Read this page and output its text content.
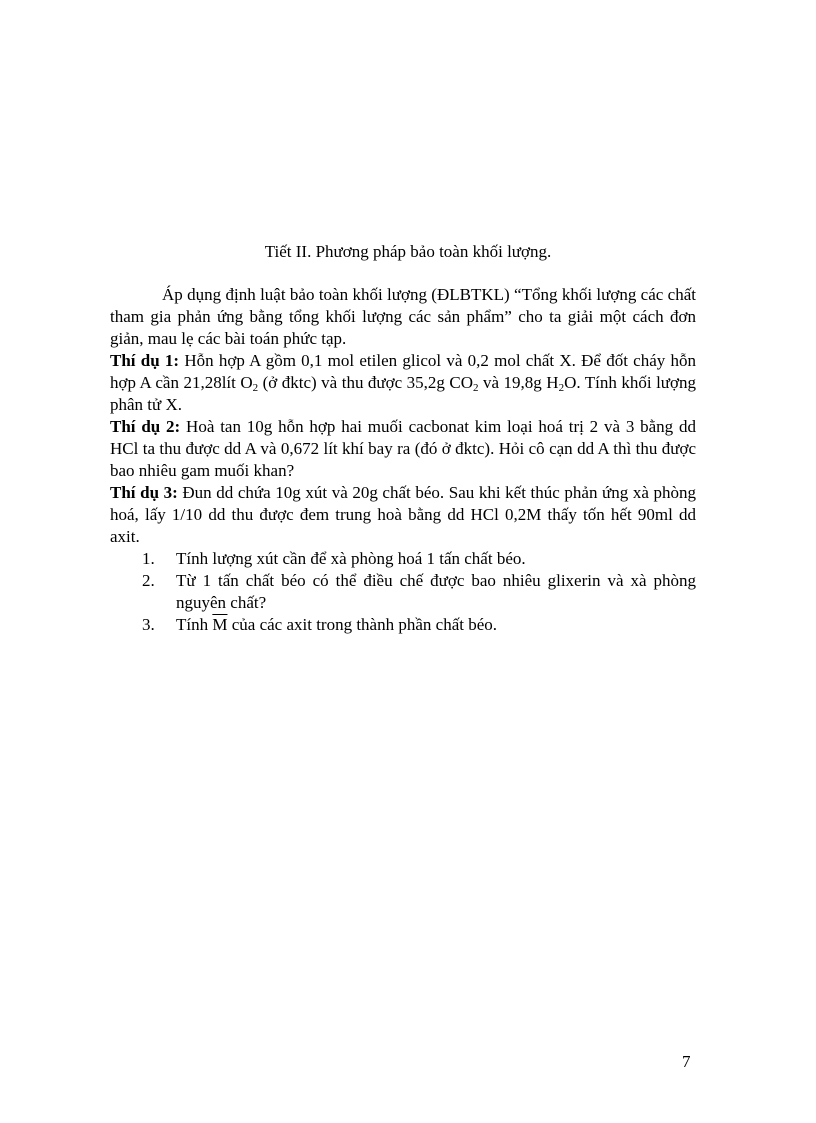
Tiết II. Phương pháp bảo toàn khối lượng.

Áp dụng định luật bảo toàn khối lượng (ĐLBTKL) “Tổng khối lượng các chất tham gia phản ứng bằng tổng khối lượng các sản phẩm” cho ta giải một cách đơn giản, mau lẹ các bài toán phức tạp.

Thí dụ 1: Hỗn hợp A gồm 0,1 mol etilen glicol và 0,2 mol chất X. Để đốt cháy hỗn hợp A cần 21,28lít $O_2$ (ở đktc) và thu được 35,2g $CO_2$ và 19,8g $H_2O$. Tính khối lượng phân tử X.

Thí dụ 2: Hoà tan 10g hỗn hợp hai muối cacbonat kim loại hoá trị 2 và 3 bằng dd HCl ta thu được dd A và 0,672 lít khí bay ra (đó ở đktc). Hỏi cô cạn dd A thì thu được bao nhiêu gam muối khan?

Thí dụ 3: Đun dd chứa 10g xút và 20g chất béo. Sau khi kết thúc phản ứng xà phòng hoá, lấy 1/10 dd thu được đem trung hoà bằng dd HCl 0,2M thấy tốn hết 90ml dd axit.

1.	Tính lượng xút cần để xà phòng hoá 1 tấn chất béo.
2.	Từ 1 tấn chất béo có thể điều chế được bao nhiêu glixerin và xà phòng nguyên chất?
3.	Tính $\overline{M}$ của các axit trong thành phần chất béo.
7
